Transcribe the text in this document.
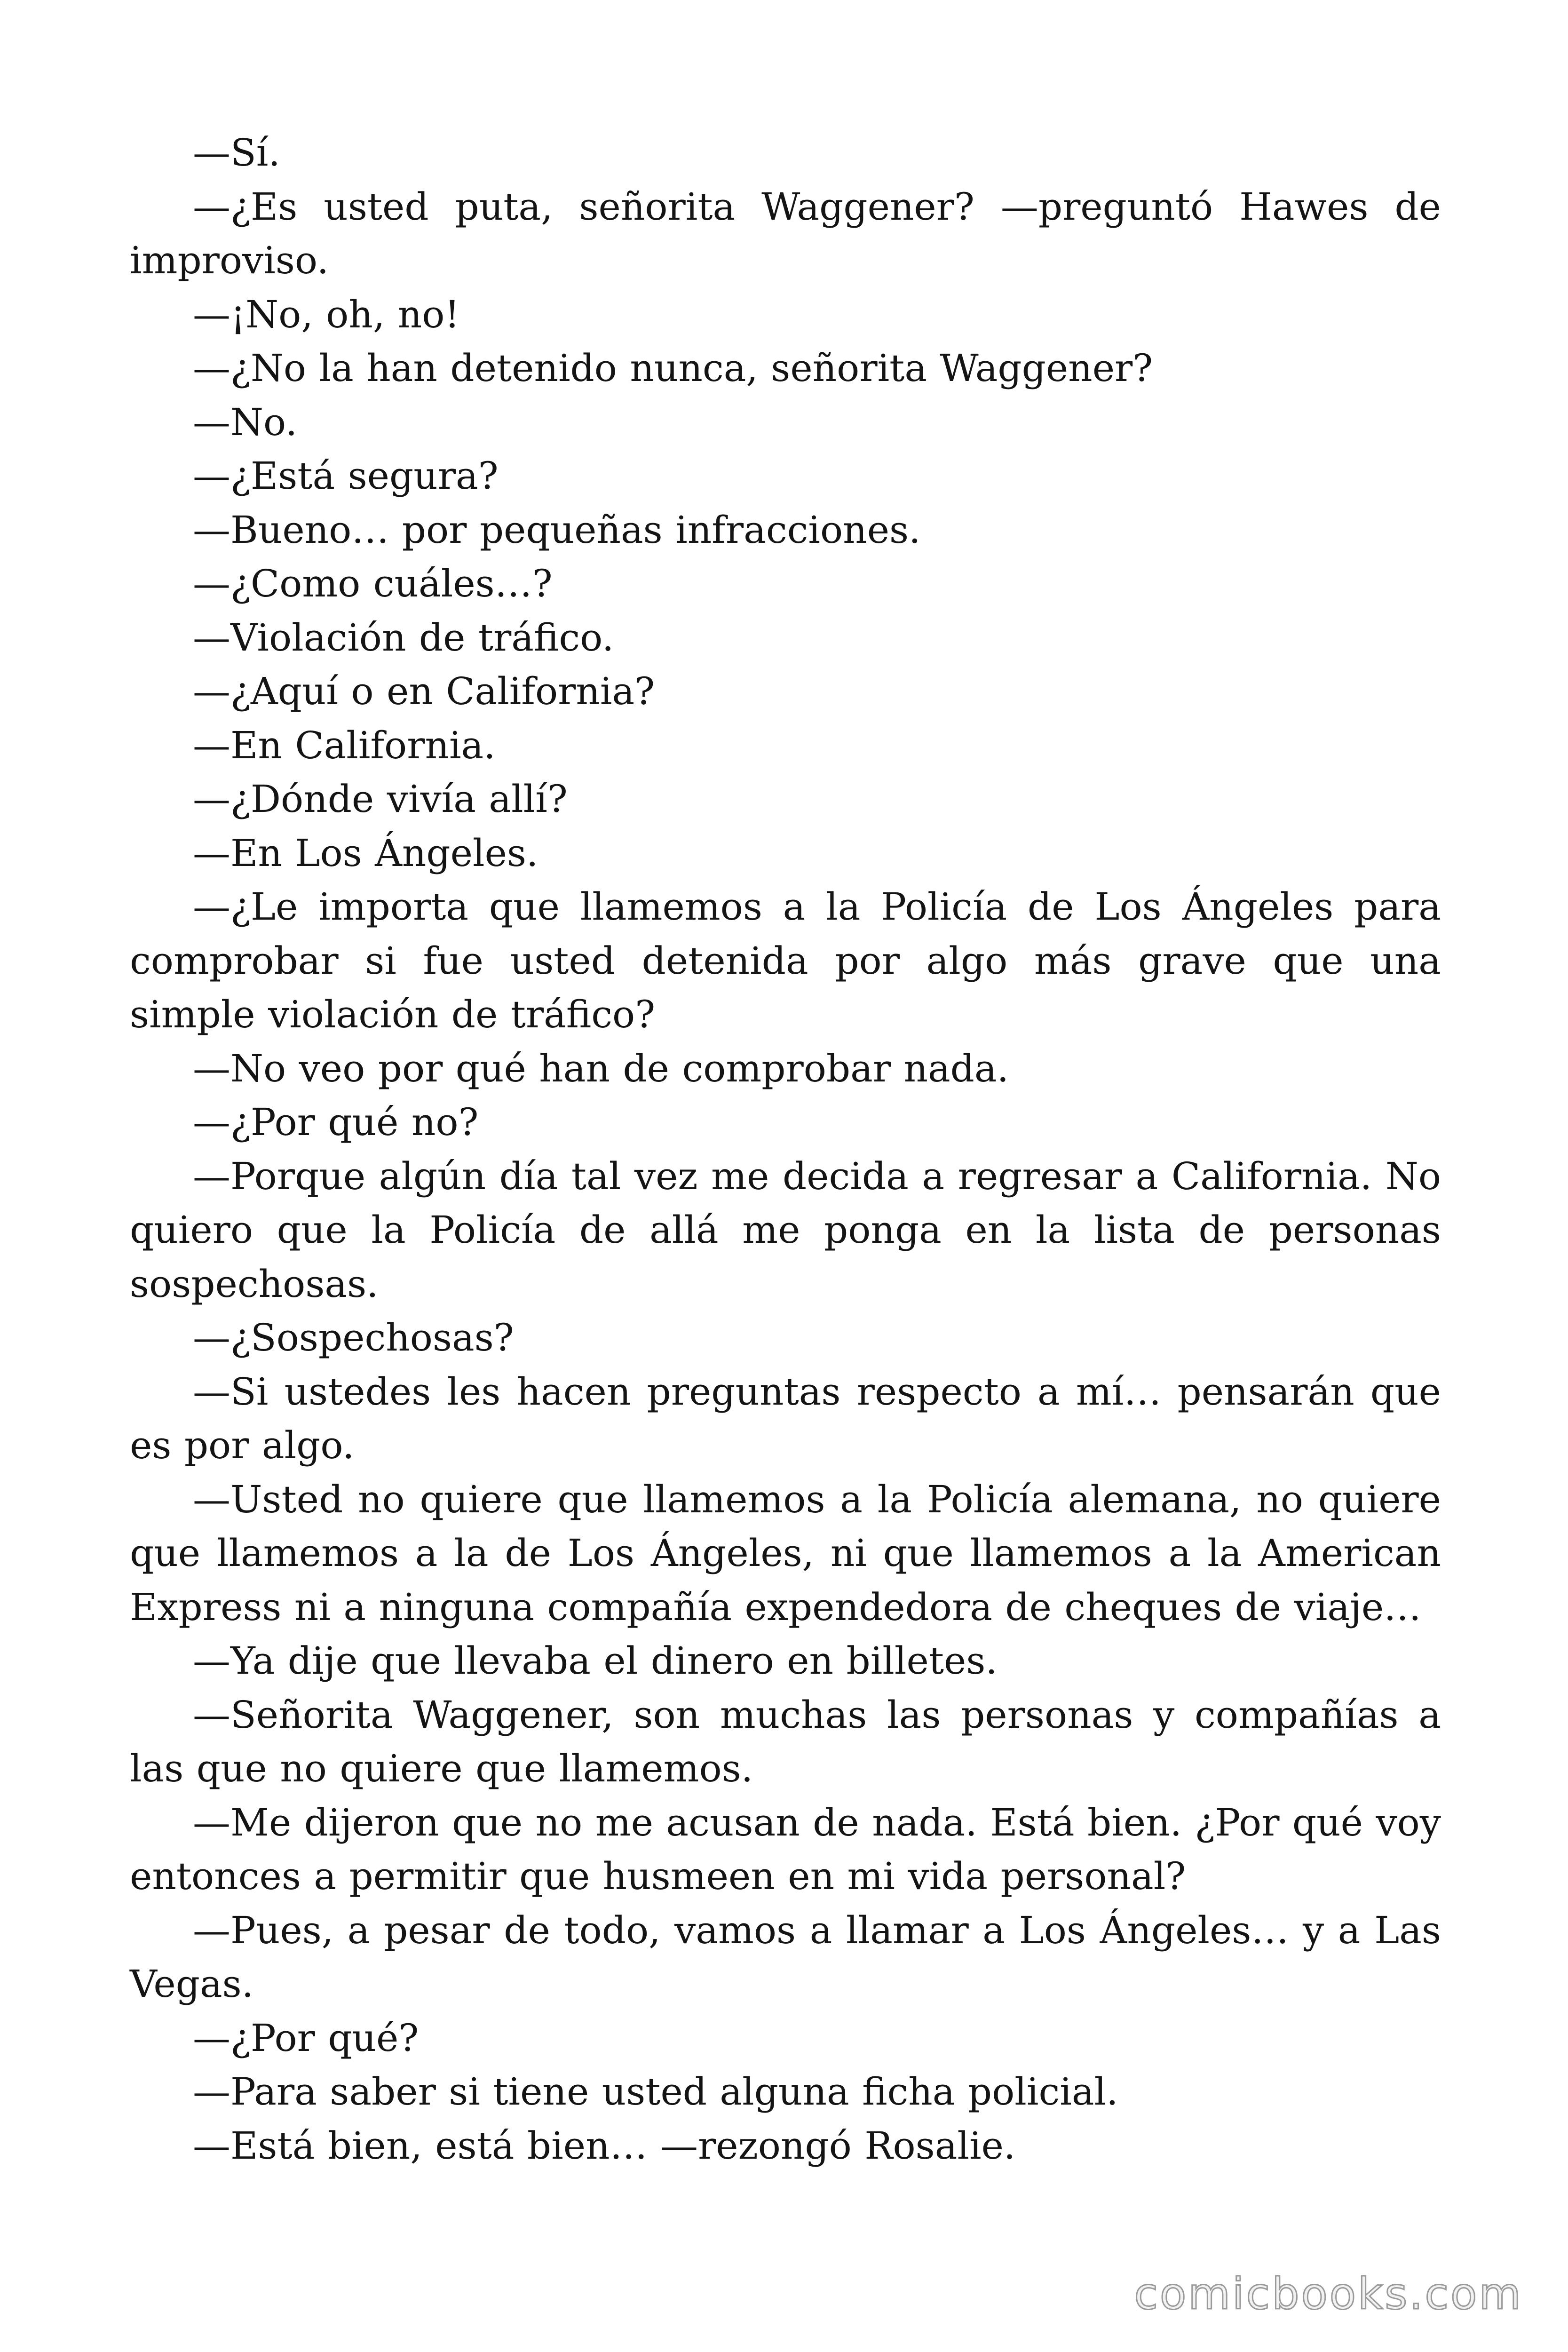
—Sí.

—¿Es usted puta, señorita Waggener? —preguntó Hawes de improviso.

—¡No, oh, no!

—¿No la han detenido nunca, señorita Waggener?

—No.

—¿Está segura?

—Bueno… por pequeñas infracciones.

—¿Como cuáles…?

—Violación de tráfico.

—¿Aquí o en California?

—En California.

—¿Dónde vivía allí?

—En Los Ángeles.

—¿Le importa que llamemos a la Policía de Los Ángeles para comprobar si fue usted detenida por algo más grave que una simple violación de tráfico?

—No veo por qué han de comprobar nada.

—¿Por qué no?

—Porque algún día tal vez me decida a regresar a California. No quiero que la Policía de allá me ponga en la lista de personas sospechosas.

—¿Sospechosas?

—Si ustedes les hacen preguntas respecto a mí… pensarán que es por algo.

—Usted no quiere que llamemos a la Policía alemana, no quiere que llamemos a la de Los Ángeles, ni que llamemos a la American Express ni a ninguna compañía expendedora de cheques de viaje…

—Ya dije que llevaba el dinero en billetes.

—Señorita Waggener, son muchas las personas y compañías a las que no quiere que llamemos.

—Me dijeron que no me acusan de nada. Está bien. ¿Por qué voy entonces a permitir que husmeen en mi vida personal?

—Pues, a pesar de todo, vamos a llamar a Los Ángeles… y a Las Vegas.

—¿Por qué?

—Para saber si tiene usted alguna ficha policial.

—Está bien, está bien… —rezongó Rosalie.

comicbooks.com
